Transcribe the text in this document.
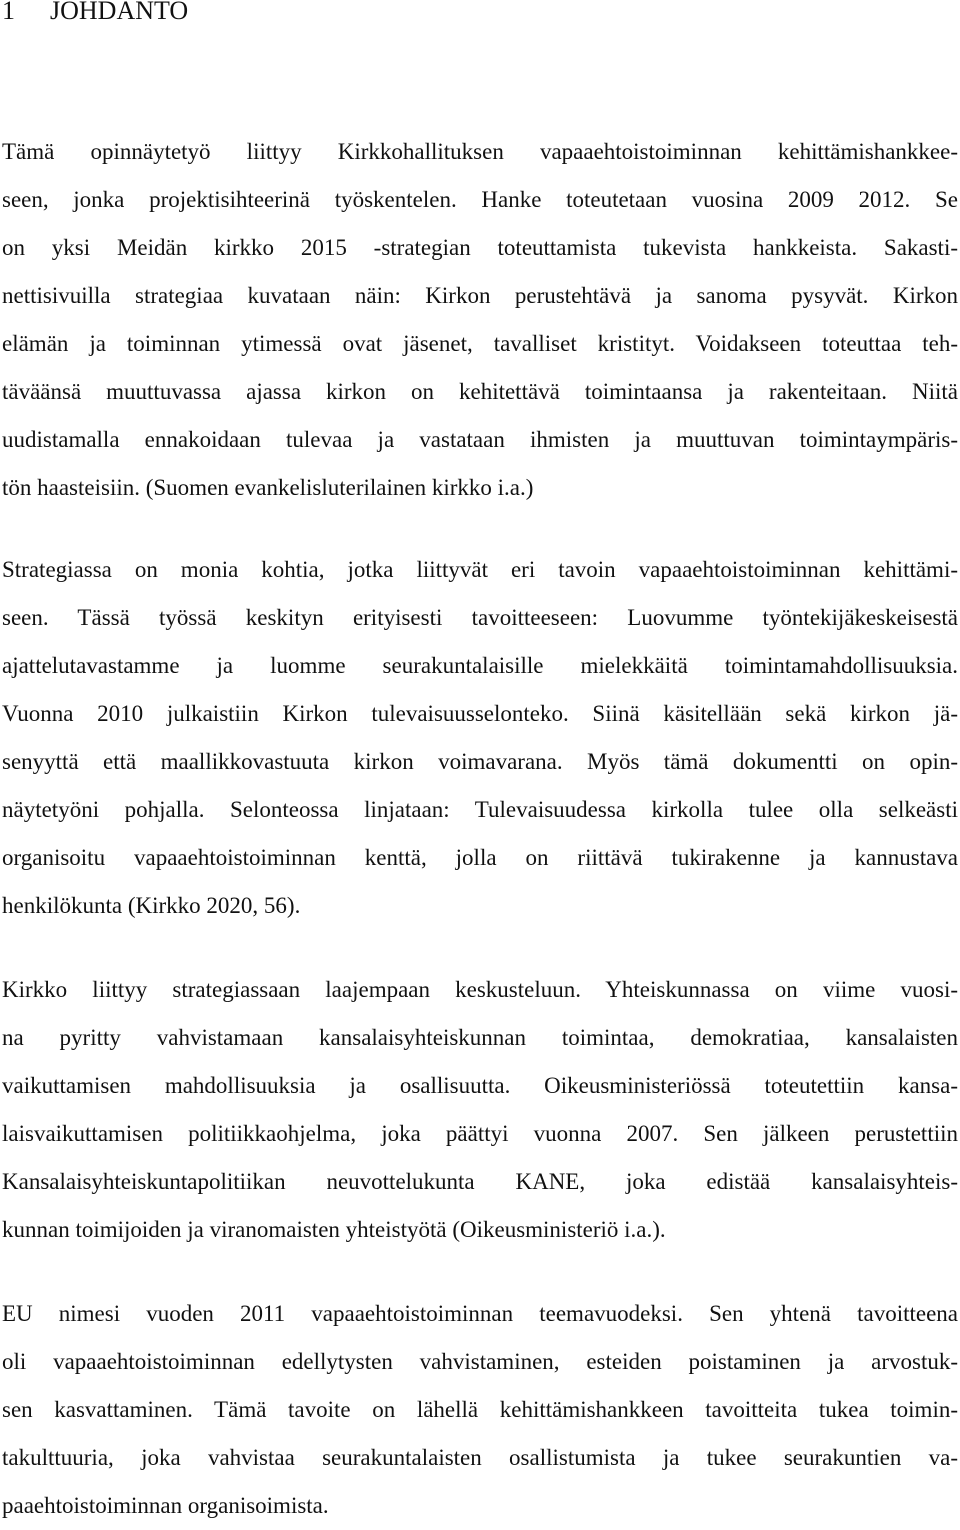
1 JOHDANTO
Tämä opinnäytetyö liittyy Kirkkohallituksen vapaaehtoistoiminnan kehittämishankkee-
seen, jonka projektisihteerinä työskentelen. Hanke toteutetaan vuosina 2009 2012. Se
on yksi Meidän kirkko 2015 -strategian toteuttamista tukevista hankkeista. Sakasti-
nettisivuilla strategiaa kuvataan näin: Kirkon perustehtävä ja sanoma pysyvät. Kirkon
elämän ja toiminnan ytimessä ovat jäsenet, tavalliset kristityt. Voidakseen toteuttaa teh-
täväänsä muuttuvassa ajassa kirkon on kehitettävä toimintaansa ja rakenteitaan. Niitä
uudistamalla ennakoidaan tulevaa ja vastataan ihmisten ja muuttuvan toimintaympäris-
tön haasteisiin. (Suomen evankelisluterilainen kirkko i.a.)
Strategiassa on monia kohtia, jotka liittyvät eri tavoin vapaaehtoistoiminnan kehittämi-
seen. Tässä työssä keskityn erityisesti tavoitteeseen: Luovumme työntekijäkeskeisestä
ajattelutavastamme ja luomme seurakuntalaisille mielekkäitä toimintamahdollisuuksia.
Vuonna 2010 julkaistiin Kirkon tulevaisuusselonteko. Siinä käsitellään sekä kirkon jä-
senyyttä että maallikkovastuuta kirkon voimavarana. Myös tämä dokumentti on opin-
näytetyöni pohjalla. Selonteossa linjataan: Tulevaisuudessa kirkolla tulee olla selkeästi
organisoitu vapaaehtoistoiminnan kenttä, jolla on riittävä tukirakenne ja kannustava
henkilökunta (Kirkko 2020, 56).
Kirkko liittyy strategiassaan laajempaan keskusteluun. Yhteiskunnassa on viime vuosi-
na pyritty vahvistamaan kansalaisyhteiskunnan toimintaa, demokratiaa, kansalaisten
vaikuttamisen mahdollisuuksia ja osallisuutta. Oikeusministeriössä toteutettiin kansa-
laisvaikuttamisen politiikkaohjelma, joka päättyi vuonna 2007. Sen jälkeen perustettiin
Kansalaisyhteiskuntapolitiikan neuvottelukunta KANE, joka edistää kansalaisyhteis-
kunnan toimijoiden ja viranomaisten yhteistyötä (Oikeusministeriö i.a.).
EU nimesi vuoden 2011 vapaaehtoistoiminnan teemavuodeksi. Sen yhtenä tavoitteena
oli vapaaehtoistoiminnan edellytysten vahvistaminen, esteiden poistaminen ja arvostuk-
sen kasvattaminen. Tämä tavoite on lähellä kehittämishankkeen tavoitteita tukea toimin-
takulttuuria, joka vahvistaa seurakuntalaisten osallistumista ja tukee seurakuntien va-
paaehtoistoiminnan organisoimista.
